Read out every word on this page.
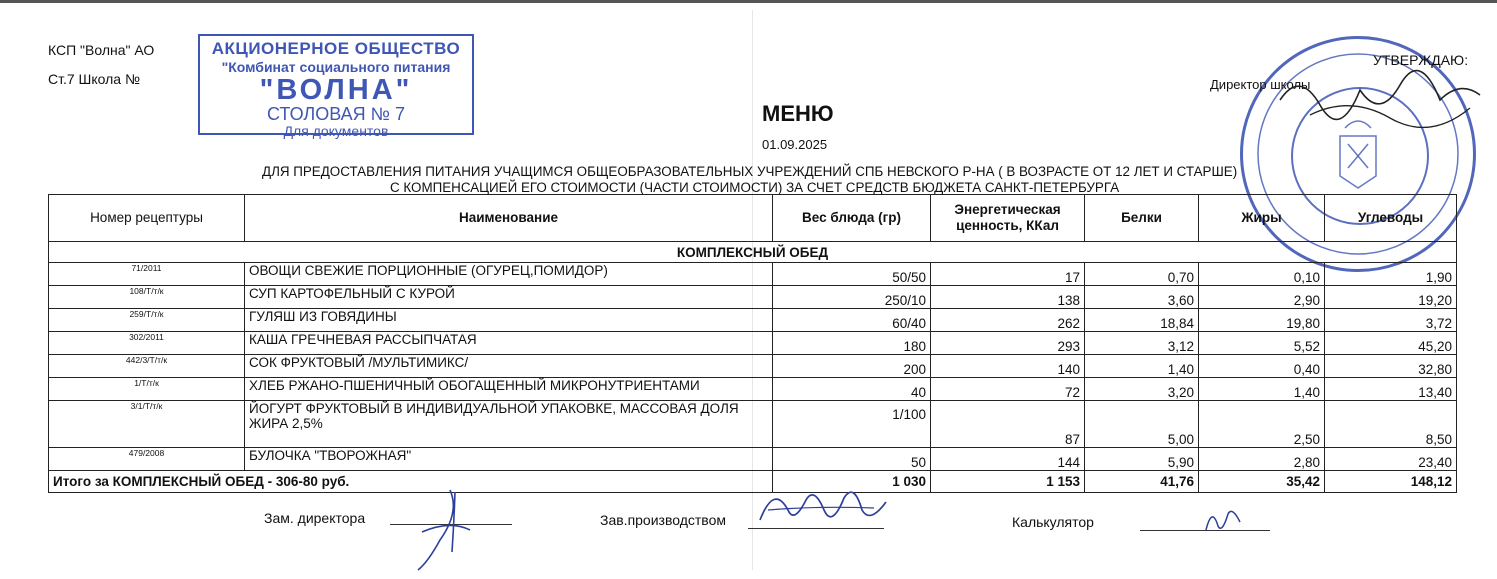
КСП "Волна" АО
Ст.7 Школа №
АКЦИОНЕРНОЕ ОБЩЕСТВО
"Комбинат социального питания
"ВОЛНА"
СТОЛОВАЯ № 7
Для документов
УТВЕРЖДАЮ:
Директор школы
МЕНЮ
01.09.2025
ДЛЯ ПРЕДОСТАВЛЕНИЯ ПИТАНИЯ УЧАЩИМСЯ ОБЩЕОБРАЗОВАТЕЛЬНЫХ УЧРЕЖДЕНИЙ СПБ НЕВСКОГО Р-НА ( В ВОЗРАСТЕ ОТ 12 ЛЕТ И СТАРШЕ)
С КОМПЕНСАЦИЕЙ ЕГО СТОИМОСТИ (ЧАСТИ СТОИМОСТИ) ЗА СЧЕТ СРЕДСТВ БЮДЖЕТА САНКТ-ПЕТЕРБУРГА
Номер рецептуры	Наименование	Вес блюда (гр)	Энергетическая ценность, ККал	Белки	Жиры	Углеводы
КОМПЛЕКСНЫЙ ОБЕД						
71/2011	ОВОЩИ СВЕЖИЕ ПОРЦИОННЫЕ (ОГУРЕЦ,ПОМИДОР)	50/50	17	0,70	0,10	1,90
108/Т/т/к	СУП КАРТОФЕЛЬНЫЙ С КУРОЙ	250/10	138	3,60	2,90	19,20
259/Т/т/к	ГУЛЯШ ИЗ ГОВЯДИНЫ	60/40	262	18,84	19,80	3,72
302/2011	КАША ГРЕЧНЕВАЯ РАССЫПЧАТАЯ	180	293	3,12	5,52	45,20
442/3/Т/т/к	СОК ФРУКТОВЫЙ /МУЛЬТИМИКС/	200	140	1,40	0,40	32,80
1/Т/т/к	ХЛЕБ РЖАНО-ПШЕНИЧНЫЙ ОБОГАЩЕННЫЙ МИКРОНУТРИЕНТАМИ	40	72	3,20	1,40	13,40
3/1/Т/т/к	ЙОГУРТ ФРУКТОВЫЙ В ИНДИВИДУАЛЬНОЙ УПАКОВКЕ, МАССОВАЯ ДОЛЯ ЖИРА 2,5%	1/100	87	5,00	2,50	8,50
479/2008	БУЛОЧКА "ТВОРОЖНАЯ"	50	144	5,90	2,80	23,40
Итого за КОМПЛЕКСНЫЙ ОБЕД - 306-80 руб.		1 030	1 153	41,76	35,42	148,12
Зам. директора	Зав.производством	Калькулятор
